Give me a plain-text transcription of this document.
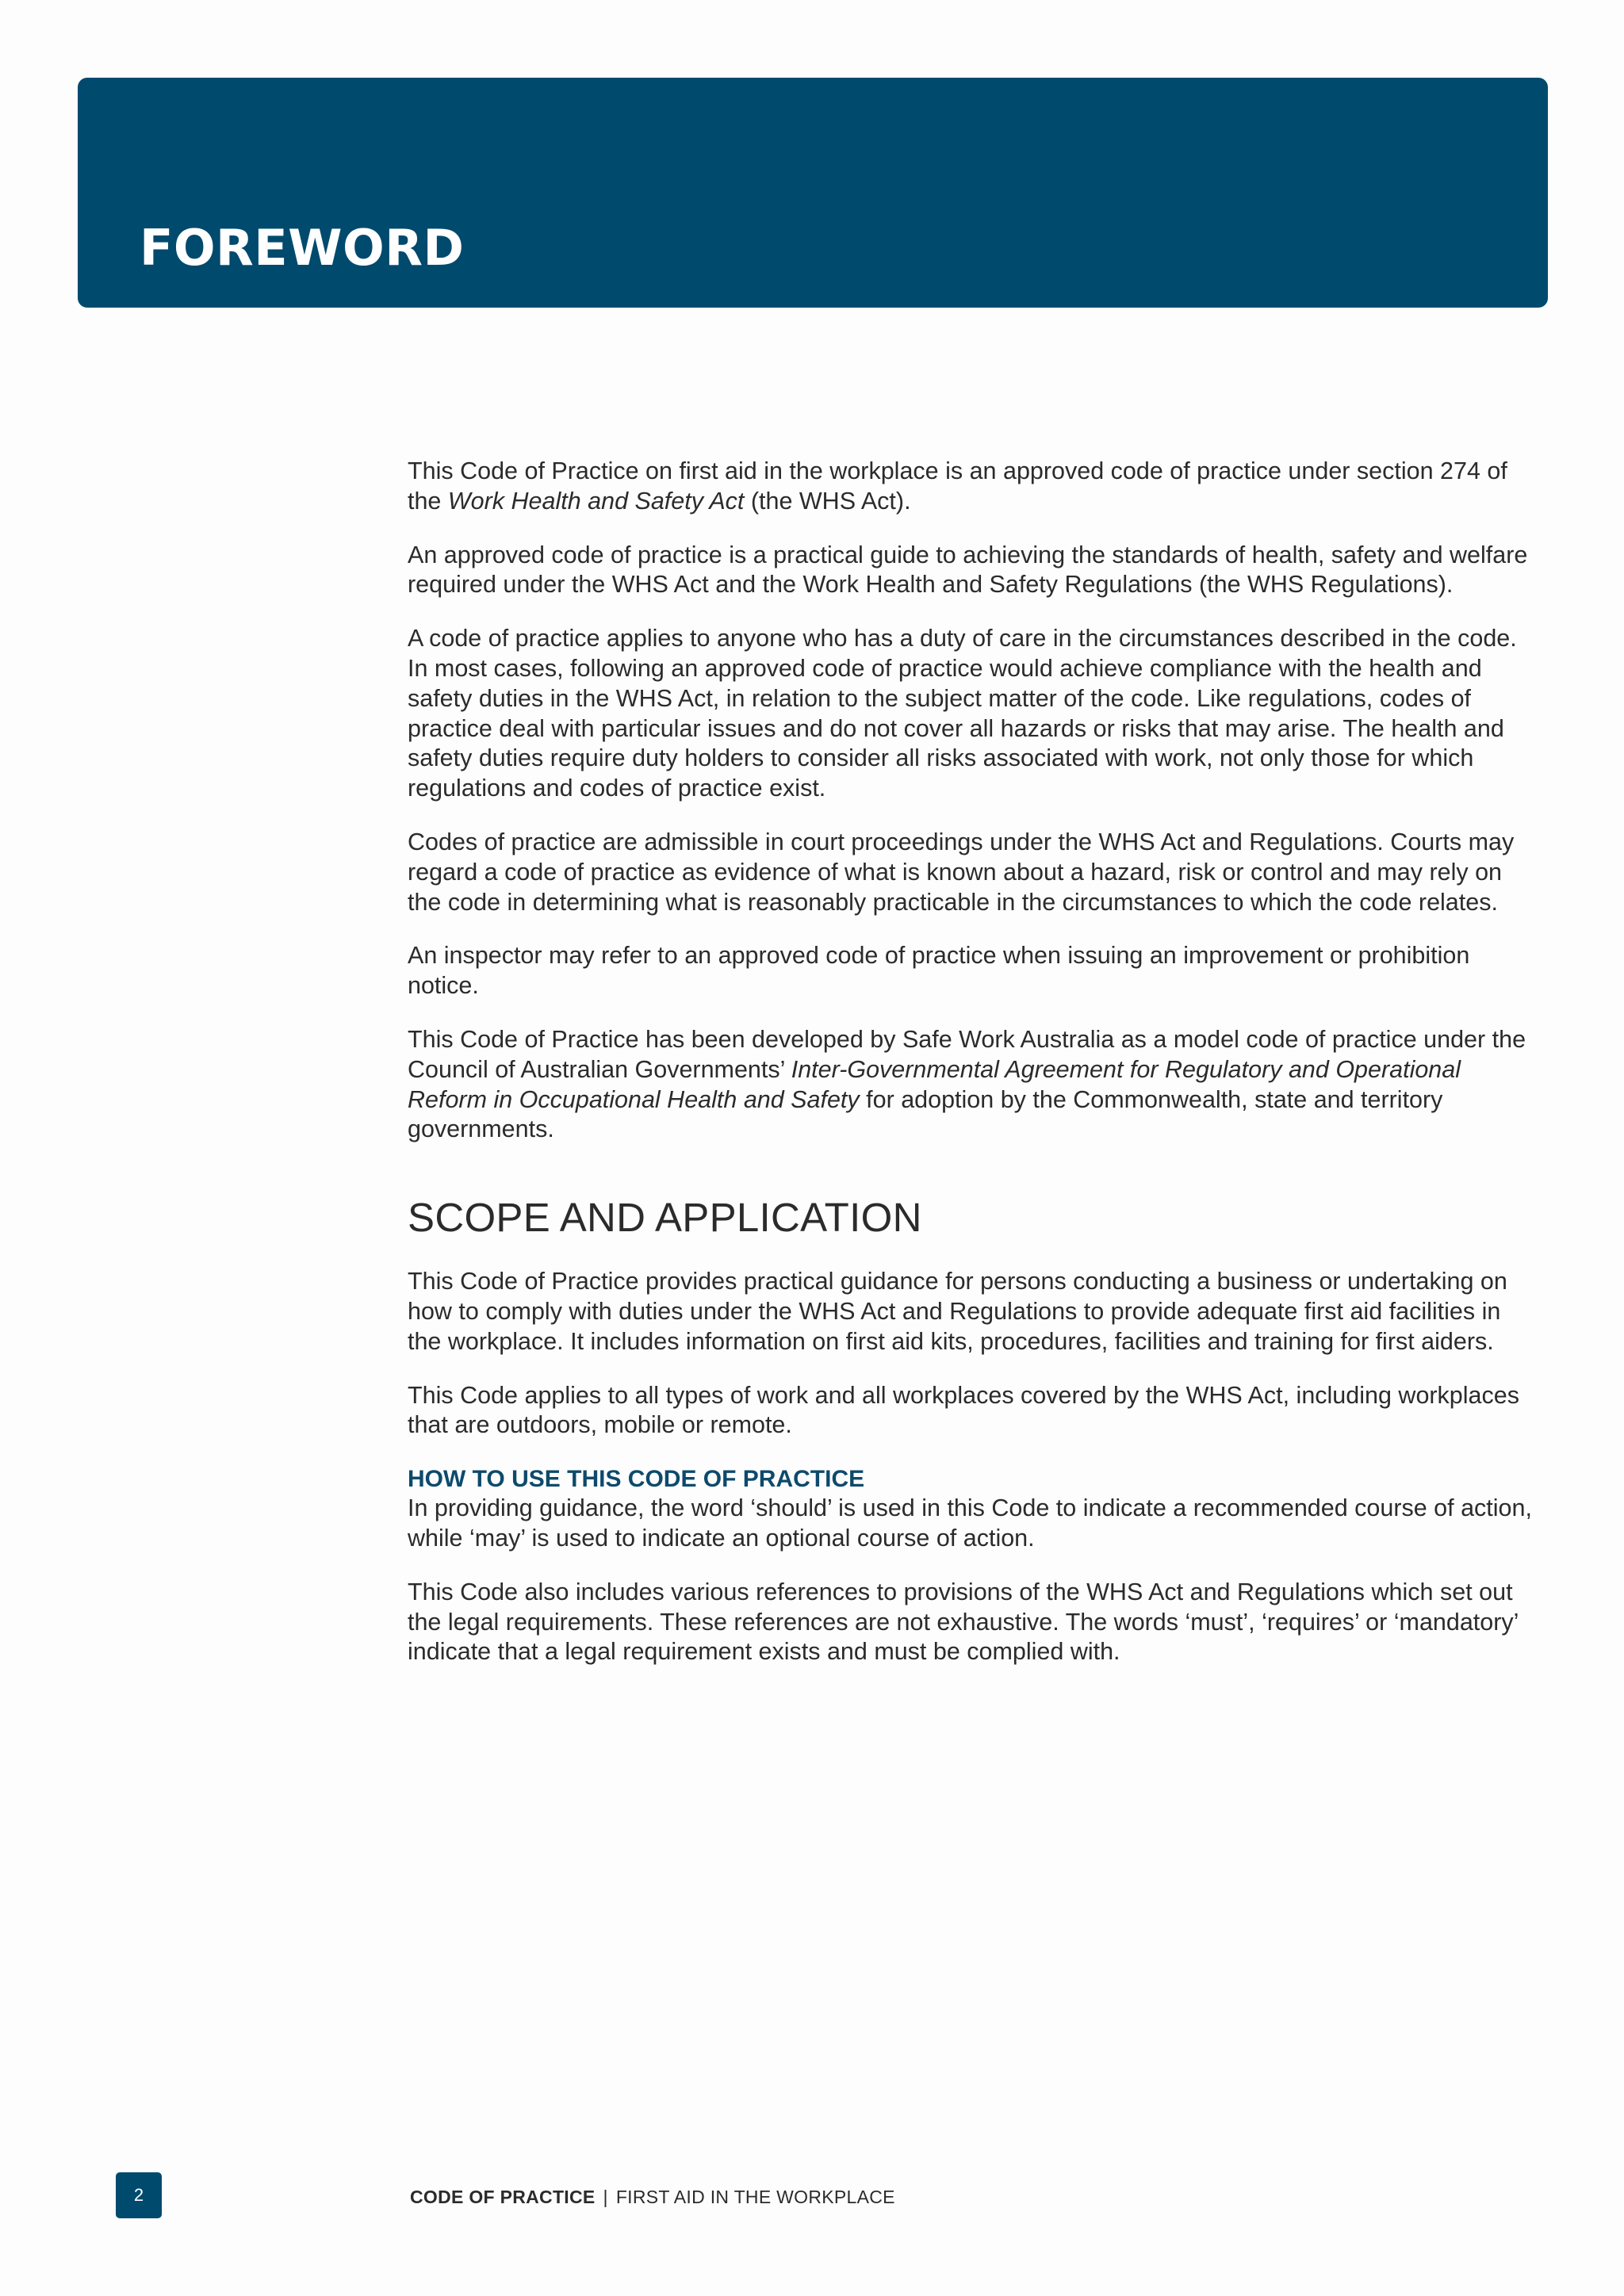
FOREWORD

This Code of Practice on first aid in the workplace is an approved code of practice under section 274 of the Work Health and Safety Act (the WHS Act).

An approved code of practice is a practical guide to achieving the standards of health, safety and welfare required under the WHS Act and the Work Health and Safety Regulations (the WHS Regulations).

A code of practice applies to anyone who has a duty of care in the circumstances described in the code. In most cases, following an approved code of practice would achieve compliance with the health and safety duties in the WHS Act, in relation to the subject matter of the code. Like regulations, codes of practice deal with particular issues and do not cover all hazards or risks that may arise. The health and safety duties require duty holders to consider all risks associated with work, not only those for which regulations and codes of practice exist.

Codes of practice are admissible in court proceedings under the WHS Act and Regulations. Courts may regard a code of practice as evidence of what is known about a hazard, risk or control and may rely on the code in determining what is reasonably practicable in the circumstances to which the code relates.

An inspector may refer to an approved code of practice when issuing an improvement or prohibition notice.

This Code of Practice has been developed by Safe Work Australia as a model code of practice under the Council of Australian Governments’ Inter-Governmental Agreement for Regulatory and Operational Reform in Occupational Health and Safety for adoption by the Commonwealth, state and territory governments.

SCOPE AND APPLICATION

This Code of Practice provides practical guidance for persons conducting a business or undertaking on how to comply with duties under the WHS Act and Regulations to provide adequate first aid facilities in the workplace. It includes information on first aid kits, procedures, facilities and training for first aiders.

This Code applies to all types of work and all workplaces covered by the WHS Act, including workplaces that are outdoors, mobile or remote.

HOW TO USE THIS CODE OF PRACTICE

In providing guidance, the word ‘should’ is used in this Code to indicate a recommended course of action, while ‘may’ is used to indicate an optional course of action.

This Code also includes various references to provisions of the WHS Act and Regulations which set out the legal requirements. These references are not exhaustive. The words ‘must’, ‘requires’ or ‘mandatory’ indicate that a legal requirement exists and must be complied with.

2	CODE OF PRACTICE | FIRST AID IN THE WORKPLACE
